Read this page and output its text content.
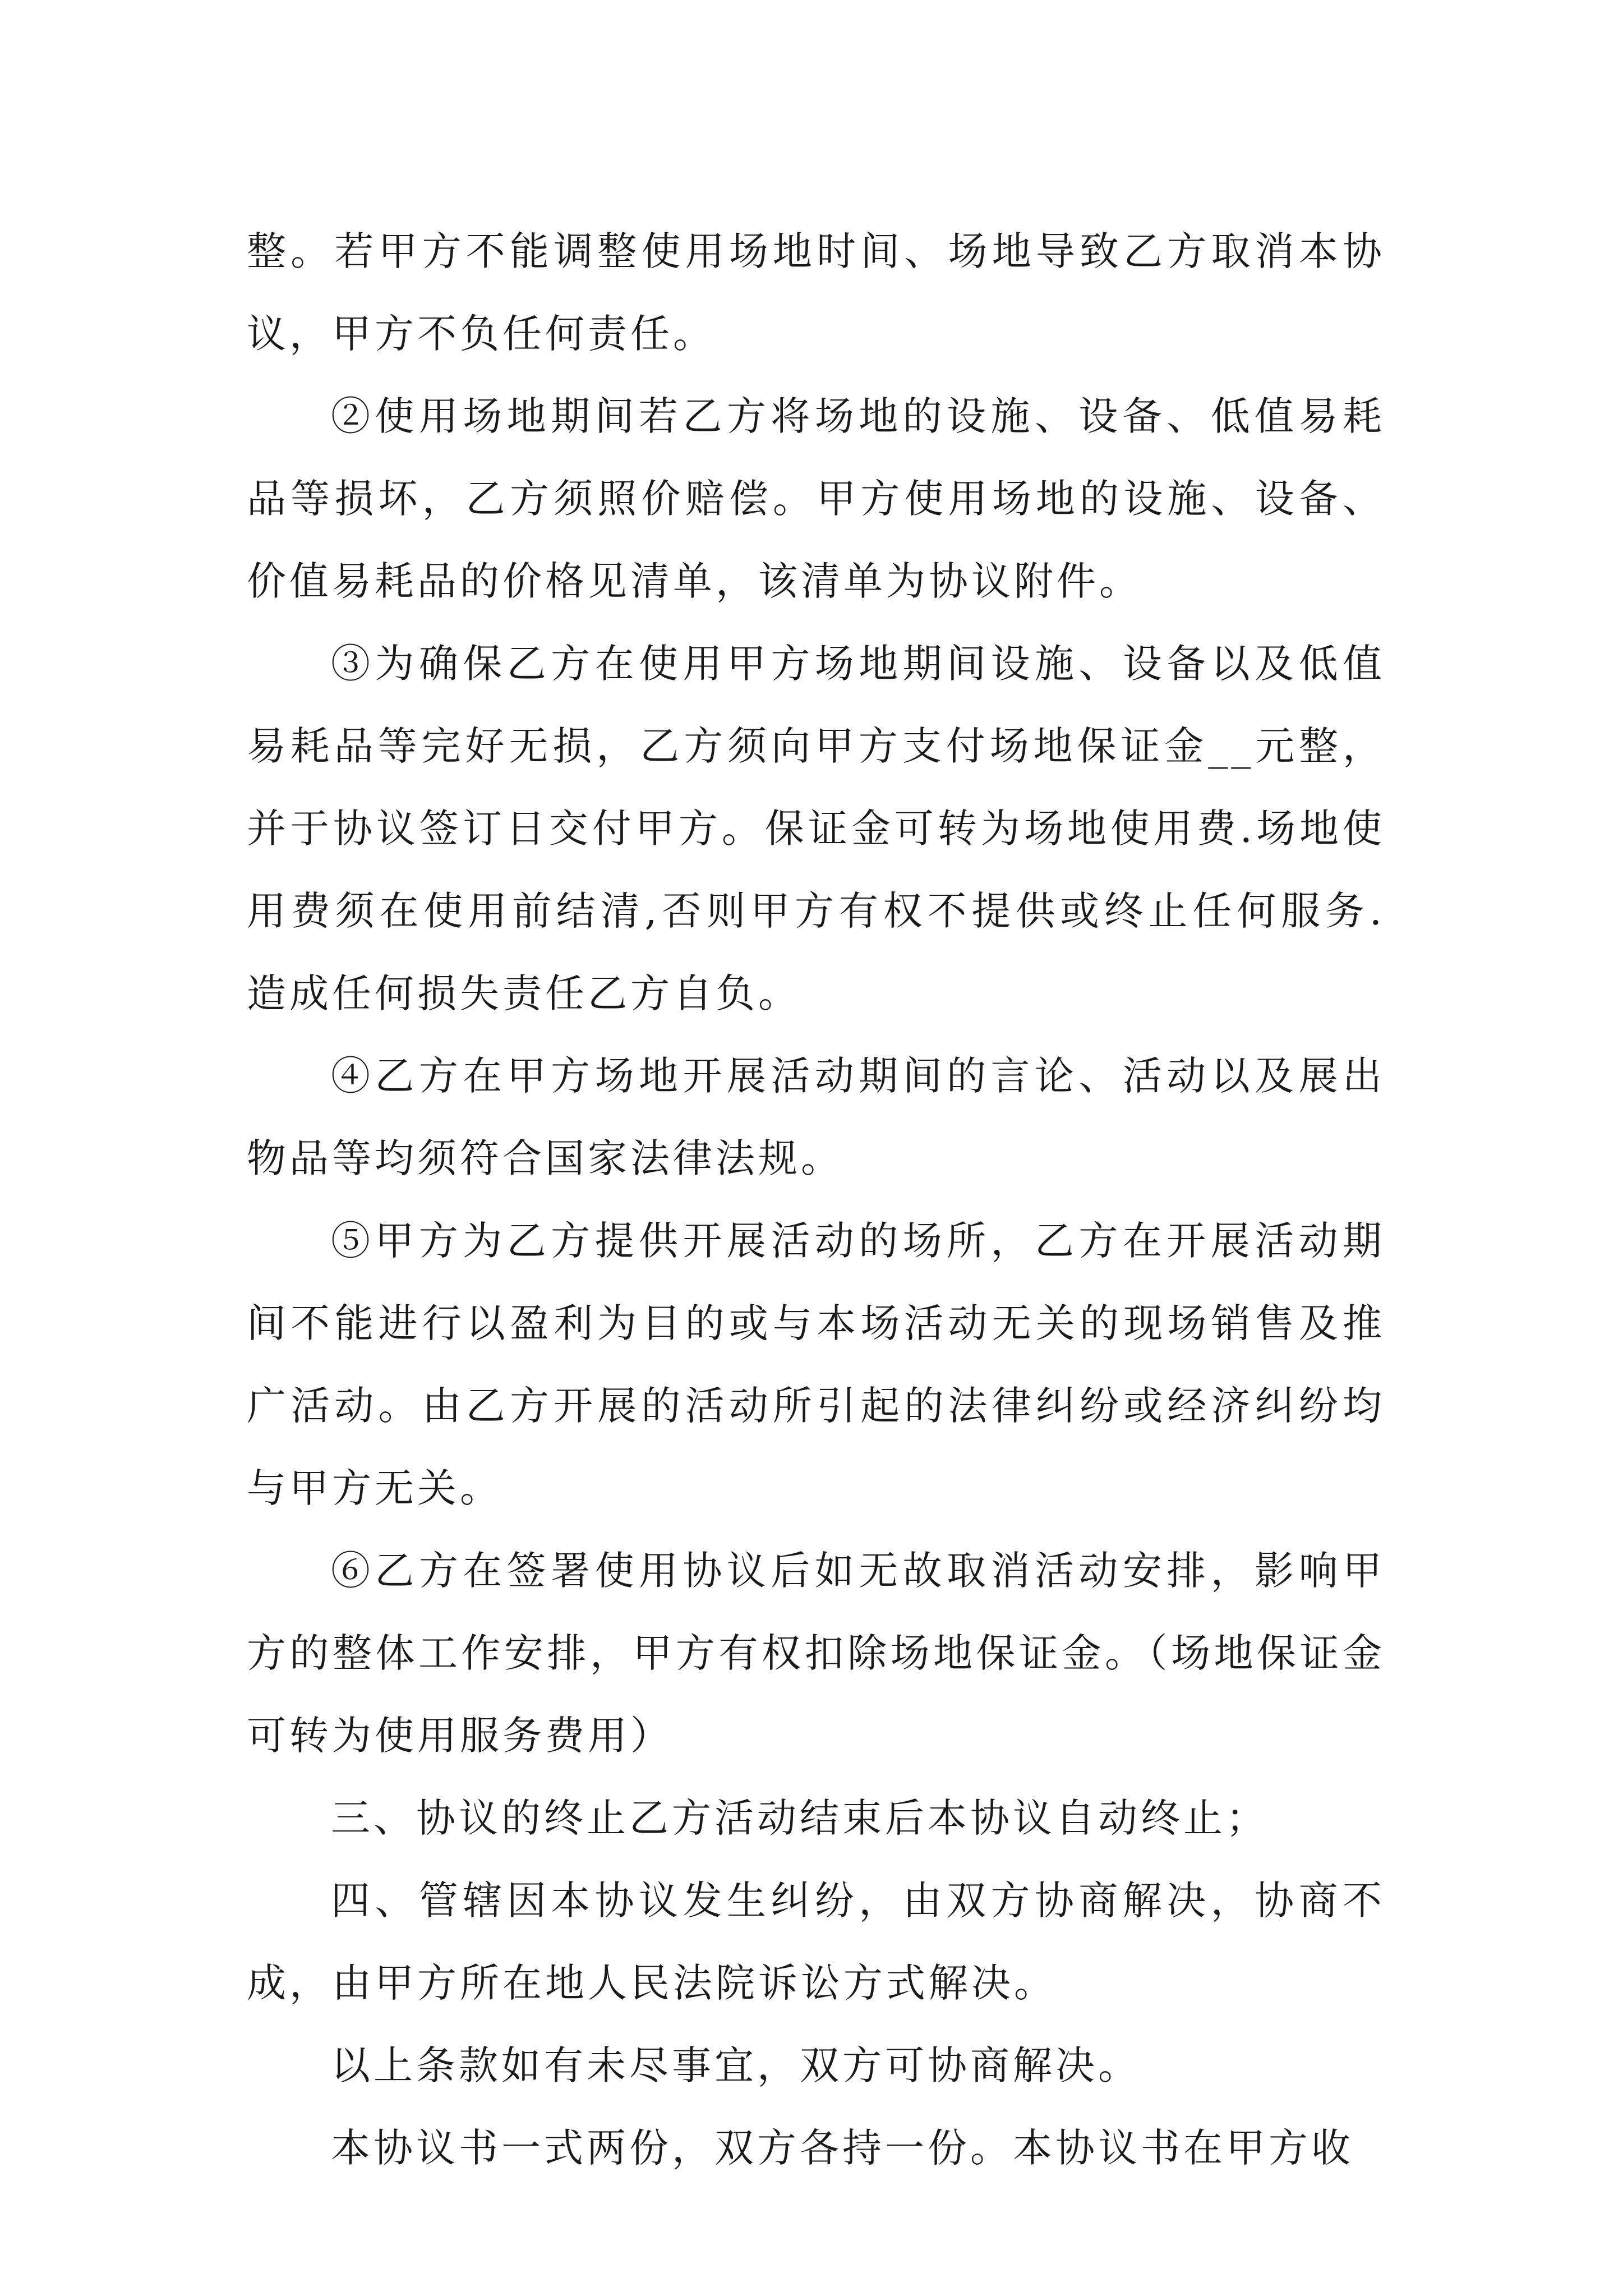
整。若甲方不能调整使用场地时间、场地导致乙方取消本协议，甲方不负任何责任。

②使用场地期间若乙方将场地的设施、设备、低值易耗品等损坏，乙方须照价赔偿。甲方使用场地的设施、设备、价值易耗品的价格见清单，该清单为协议附件。

③为确保乙方在使用甲方场地期间设施、设备以及低值易耗品等完好无损，乙方须向甲方支付场地保证金__元整，并于协议签订日交付甲方。保证金可转为场地使用费.场地使用费须在使用前结清,否则甲方有权不提供或终止任何服务.造成任何损失责任乙方自负。

④乙方在甲方场地开展活动期间的言论、活动以及展出物品等均须符合国家法律法规。

⑤甲方为乙方提供开展活动的场所，乙方在开展活动期间不能进行以盈利为目的或与本场活动无关的现场销售及推广活动。由乙方开展的活动所引起的法律纠纷或经济纠纷均与甲方无关。

⑥乙方在签署使用协议后如无故取消活动安排，影响甲方的整体工作安排，甲方有权扣除场地保证金。（场地保证金可转为使用服务费用）

三、协议的终止乙方活动结束后本协议自动终止；

四、管辖因本协议发生纠纷，由双方协商解决，协商不成，由甲方所在地人民法院诉讼方式解决。

以上条款如有未尽事宜，双方可协商解决。

本协议书一式两份，双方各持一份。本协议书在甲方收
